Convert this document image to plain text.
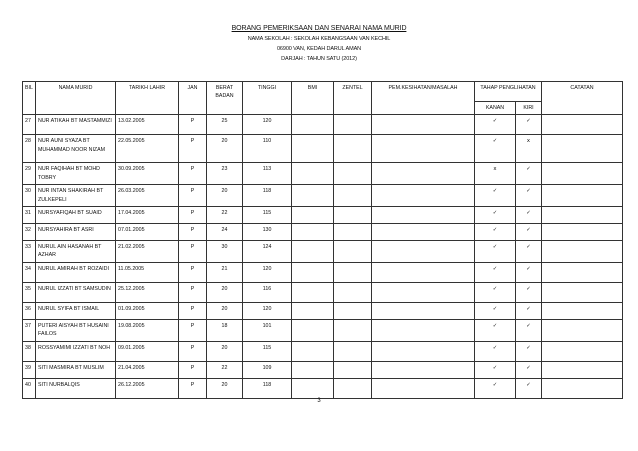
BORANG PEMERIKSAAN DAN SENARAI NAMA MURID
NAMA SEKOLAH : SEKOLAH KEBANGSAAN VAN KECHIL
06900 VAN, KEDAH DARUL AMAN
DARJAH : TAHUN SATU (2012)
BIL	NAMA MURID	TARIKH LAHIR	JAN	BERAT BADAN	TINGGI	BMI	ZENTEL	PEM.KESIHATAN/MASALAH	TAHAP PENGLIHATAN		CATATAN
									KANAN	KIRI	
27	NUR ATIKAH BT MASTAMMIZI	13.02.2005	P	25	120				✓	✓	
28	NUR AUNI SYAZA BT MUHAMMAD NOOR NIZAM	22.05.2005	P	20	110				✓	x	
29	NUR FAQIHAH BT MOHD TOBRY	30.09.2005	P	23	113				x	✓	
30	NUR INTAN SHAKIRAH BT ZULKEPELI	26.03.2005	P	20	118				✓	✓	
31	NURSYAFIQAH BT SUAID	17.04.2005	P	22	115				✓	✓	
32	NURSYAHIRA BT ASRI	07.01.2005	P	24	130				✓	✓	
33	NURUL AIN HASANAH BT AZHAR	21.02.2005	P	30	124				✓	✓	
34	NURUL AMIRAH BT ROZAIDI	11.05.2005	P	21	120				✓	✓	
35	NURUL IZZATI BT SAMSUDIN	25.12.2005	P	20	116				✓	✓	
36	NURUL SYIFA BT ISMAIL	01.09.2005	P	20	120				✓	✓	
37	PUTERI AISYAH BT HUSAINI FAILOS	19.08.2005	P	18	101				✓	✓	
38	ROSSYAMIMI IZZATI BT NOH	09.01.2005	P	20	115				✓	✓	
39	SITI MASMIRA BT MUSLIM	21.04.2005	P	22	109				✓	✓	
40	SITI NURBALQIS	26.12.2005	P	20	118				✓	✓	
3
